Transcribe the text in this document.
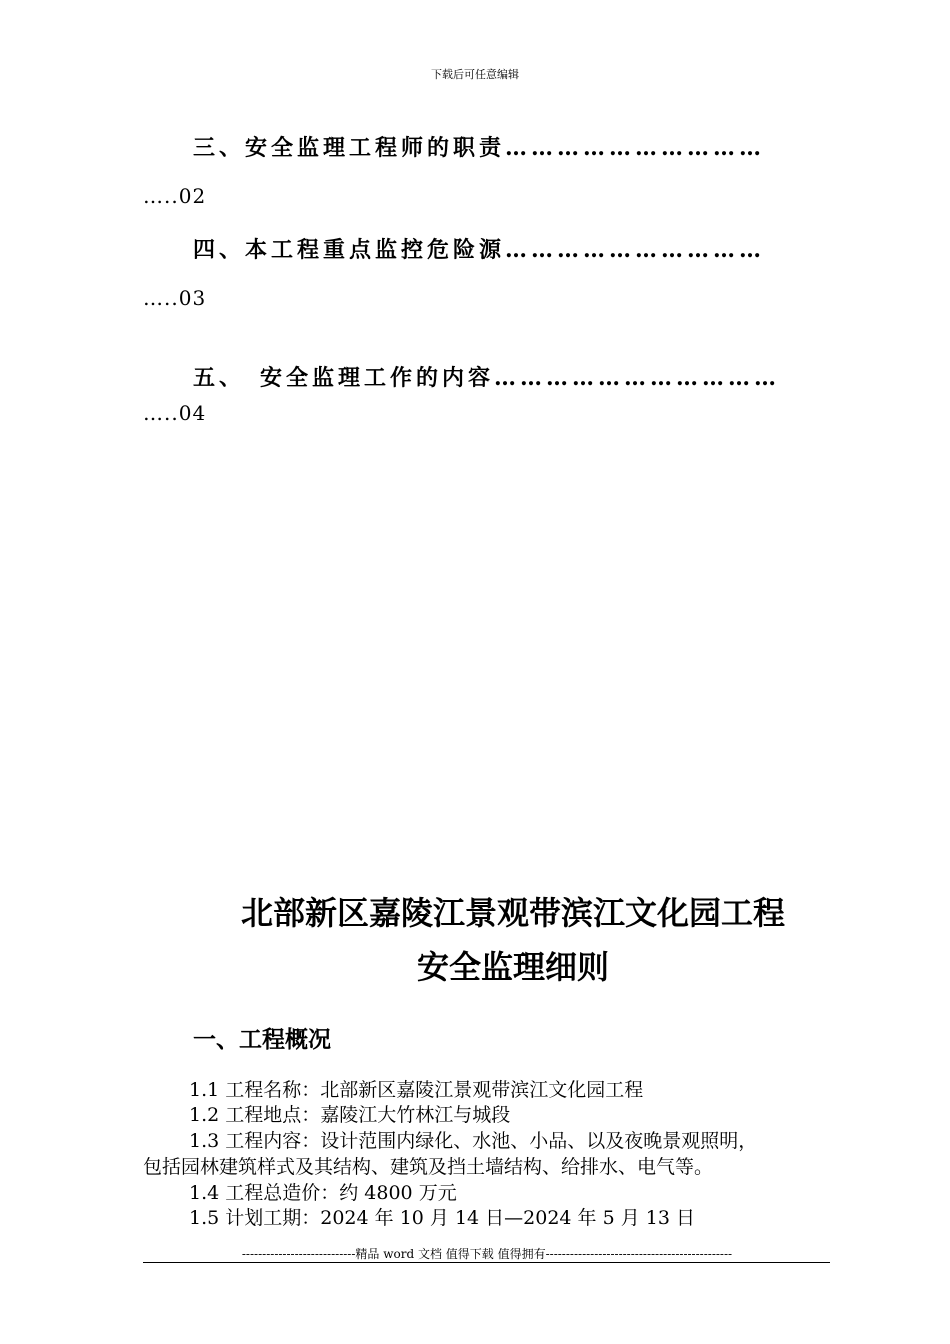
下载后可任意编辑
三、安全监理工程师的职责…………………………
…..02
四、本工程重点监控危险源…………………………
…..03
五、　安全监理工作的内容……………………………
…..04
北部新区嘉陵江景观带滨江文化园工程
安全监理细则
一、工程概况
1.1 工程名称：北部新区嘉陵江景观带滨江文化园工程
1.2 工程地点：嘉陵江大竹林江与城段
1.3 工程内容：设计范围内绿化、水池、小品、以及夜晚景观照明，
包括园林建筑样式及其结构、建筑及挡土墙结构、给排水、电气等。
1.4 工程总造价：约 4800 万元
1.5 计划工期：2024 年 10 月 14 日—2024 年 5 月 13 日
----------------------------精品 word 文档 值得下载 值得拥有----------------------------------------------
